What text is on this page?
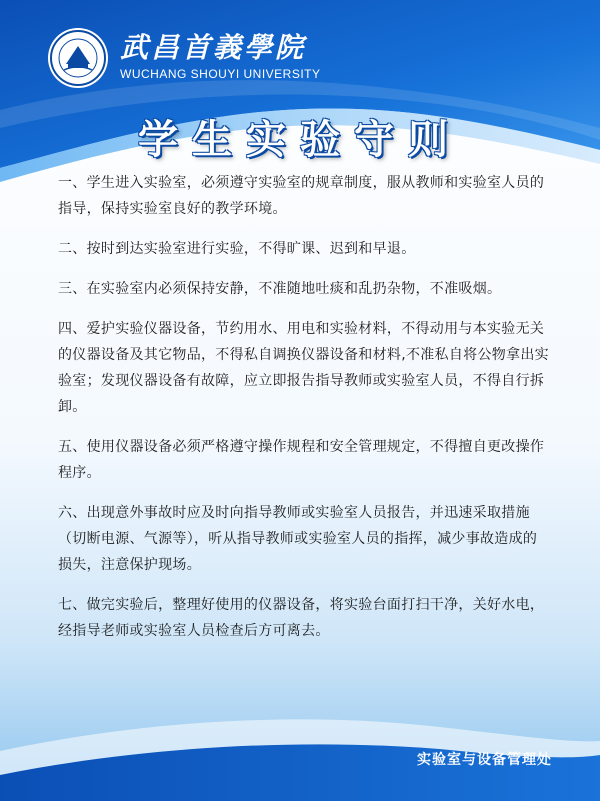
武昌首義學院
WUCHANG SHOUYI UNIVERSITY
学生实验守则
一、学生进入实验室，必须遵守实验室的规章制度，服从教师和实验室人员的指导，保持实验室良好的教学环境。
二、按时到达实验室进行实验，不得旷课、迟到和早退。
三、在实验室内必须保持安静，不准随地吐痰和乱扔杂物，不准吸烟。
四、爱护实验仪器设备，节约用水、用电和实验材料，不得动用与本实验无关的仪器设备及其它物品，不得私自调换仪器设备和材料,不准私自将公物拿出实验室；发现仪器设备有故障，应立即报告指导教师或实验室人员，不得自行拆卸。
五、使用仪器设备必须严格遵守操作规程和安全管理规定，不得擅自更改操作程序。
六、出现意外事故时应及时向指导教师或实验室人员报告，并迅速采取措施（切断电源、气源等），听从指导教师或实验室人员的指挥，减少事故造成的损失，注意保护现场。
七、做完实验后，整理好使用的仪器设备，将实验台面打扫干净，关好水电，经指导老师或实验室人员检查后方可离去。
实验室与设备管理处
